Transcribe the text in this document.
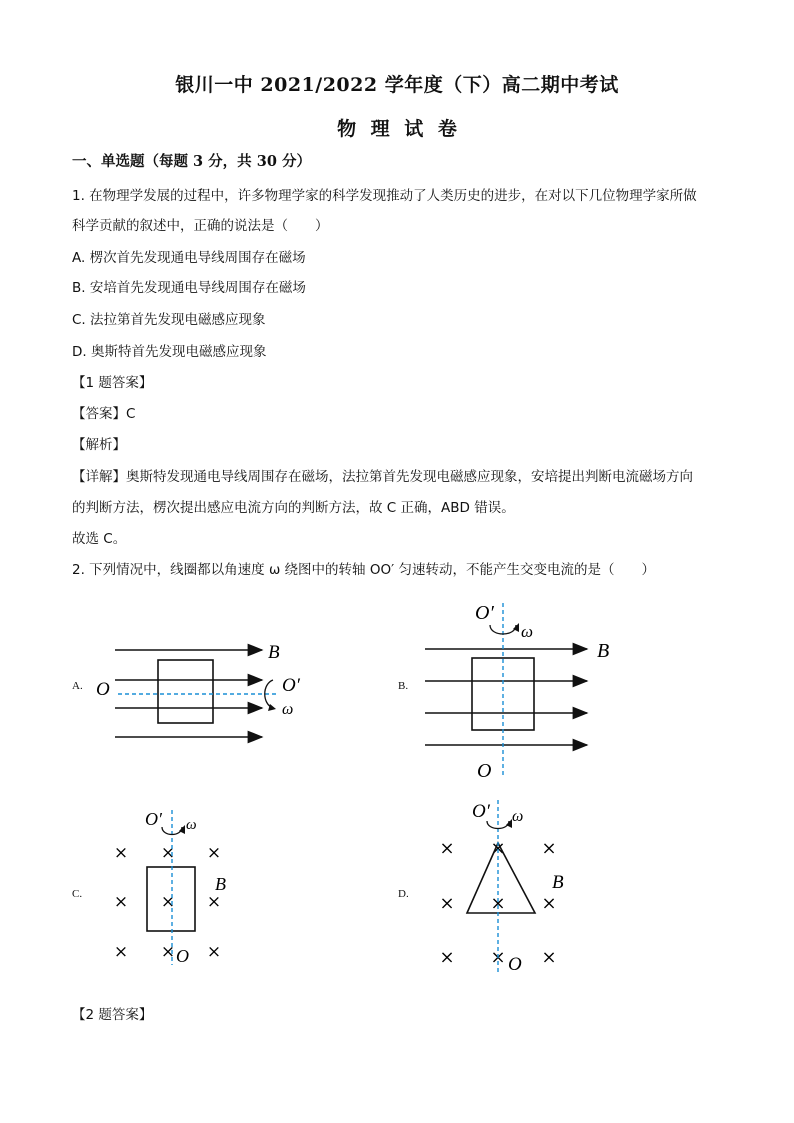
银川一中 2021/2022 学年度（下）高二期中考试
物 理 试 卷
一、单选题（每题 3 分，共 30 分）
1. 在物理学发展的过程中，许多物理学家的科学发现推动了人类历史的进步，在对以下几位物理学家所做
科学贡献的叙述中，正确的说法是（　　）
A. 楞次首先发现通电导线周围存在磁场
B. 安培首先发现通电导线周围存在磁场
C. 法拉第首先发现电磁感应现象
D. 奥斯特首先发现电磁感应现象
【1 题答案】
【答案】C
【解析】
【详解】奥斯特发现通电导线周围存在磁场，法拉第首先发现电磁感应现象，安培提出判断电流磁场方向
的判断方法，楞次提出感应电流方向的判断方法，故 C 正确，ABD 错误。
故选 C。
2. 下列情况中，线圈都以角速度 ω 绕图中的转轴 OO′ 匀速转动，不能产生交变电流的是（　　）
A.	B.
C.	D.
B
O	O′
ω
O′
ω
B
O
× × ×
× × ×
× × ×
O′ ω
B
O
× × ×
× × ×
× × ×
O′ ω
B
O
【2 题答案】
